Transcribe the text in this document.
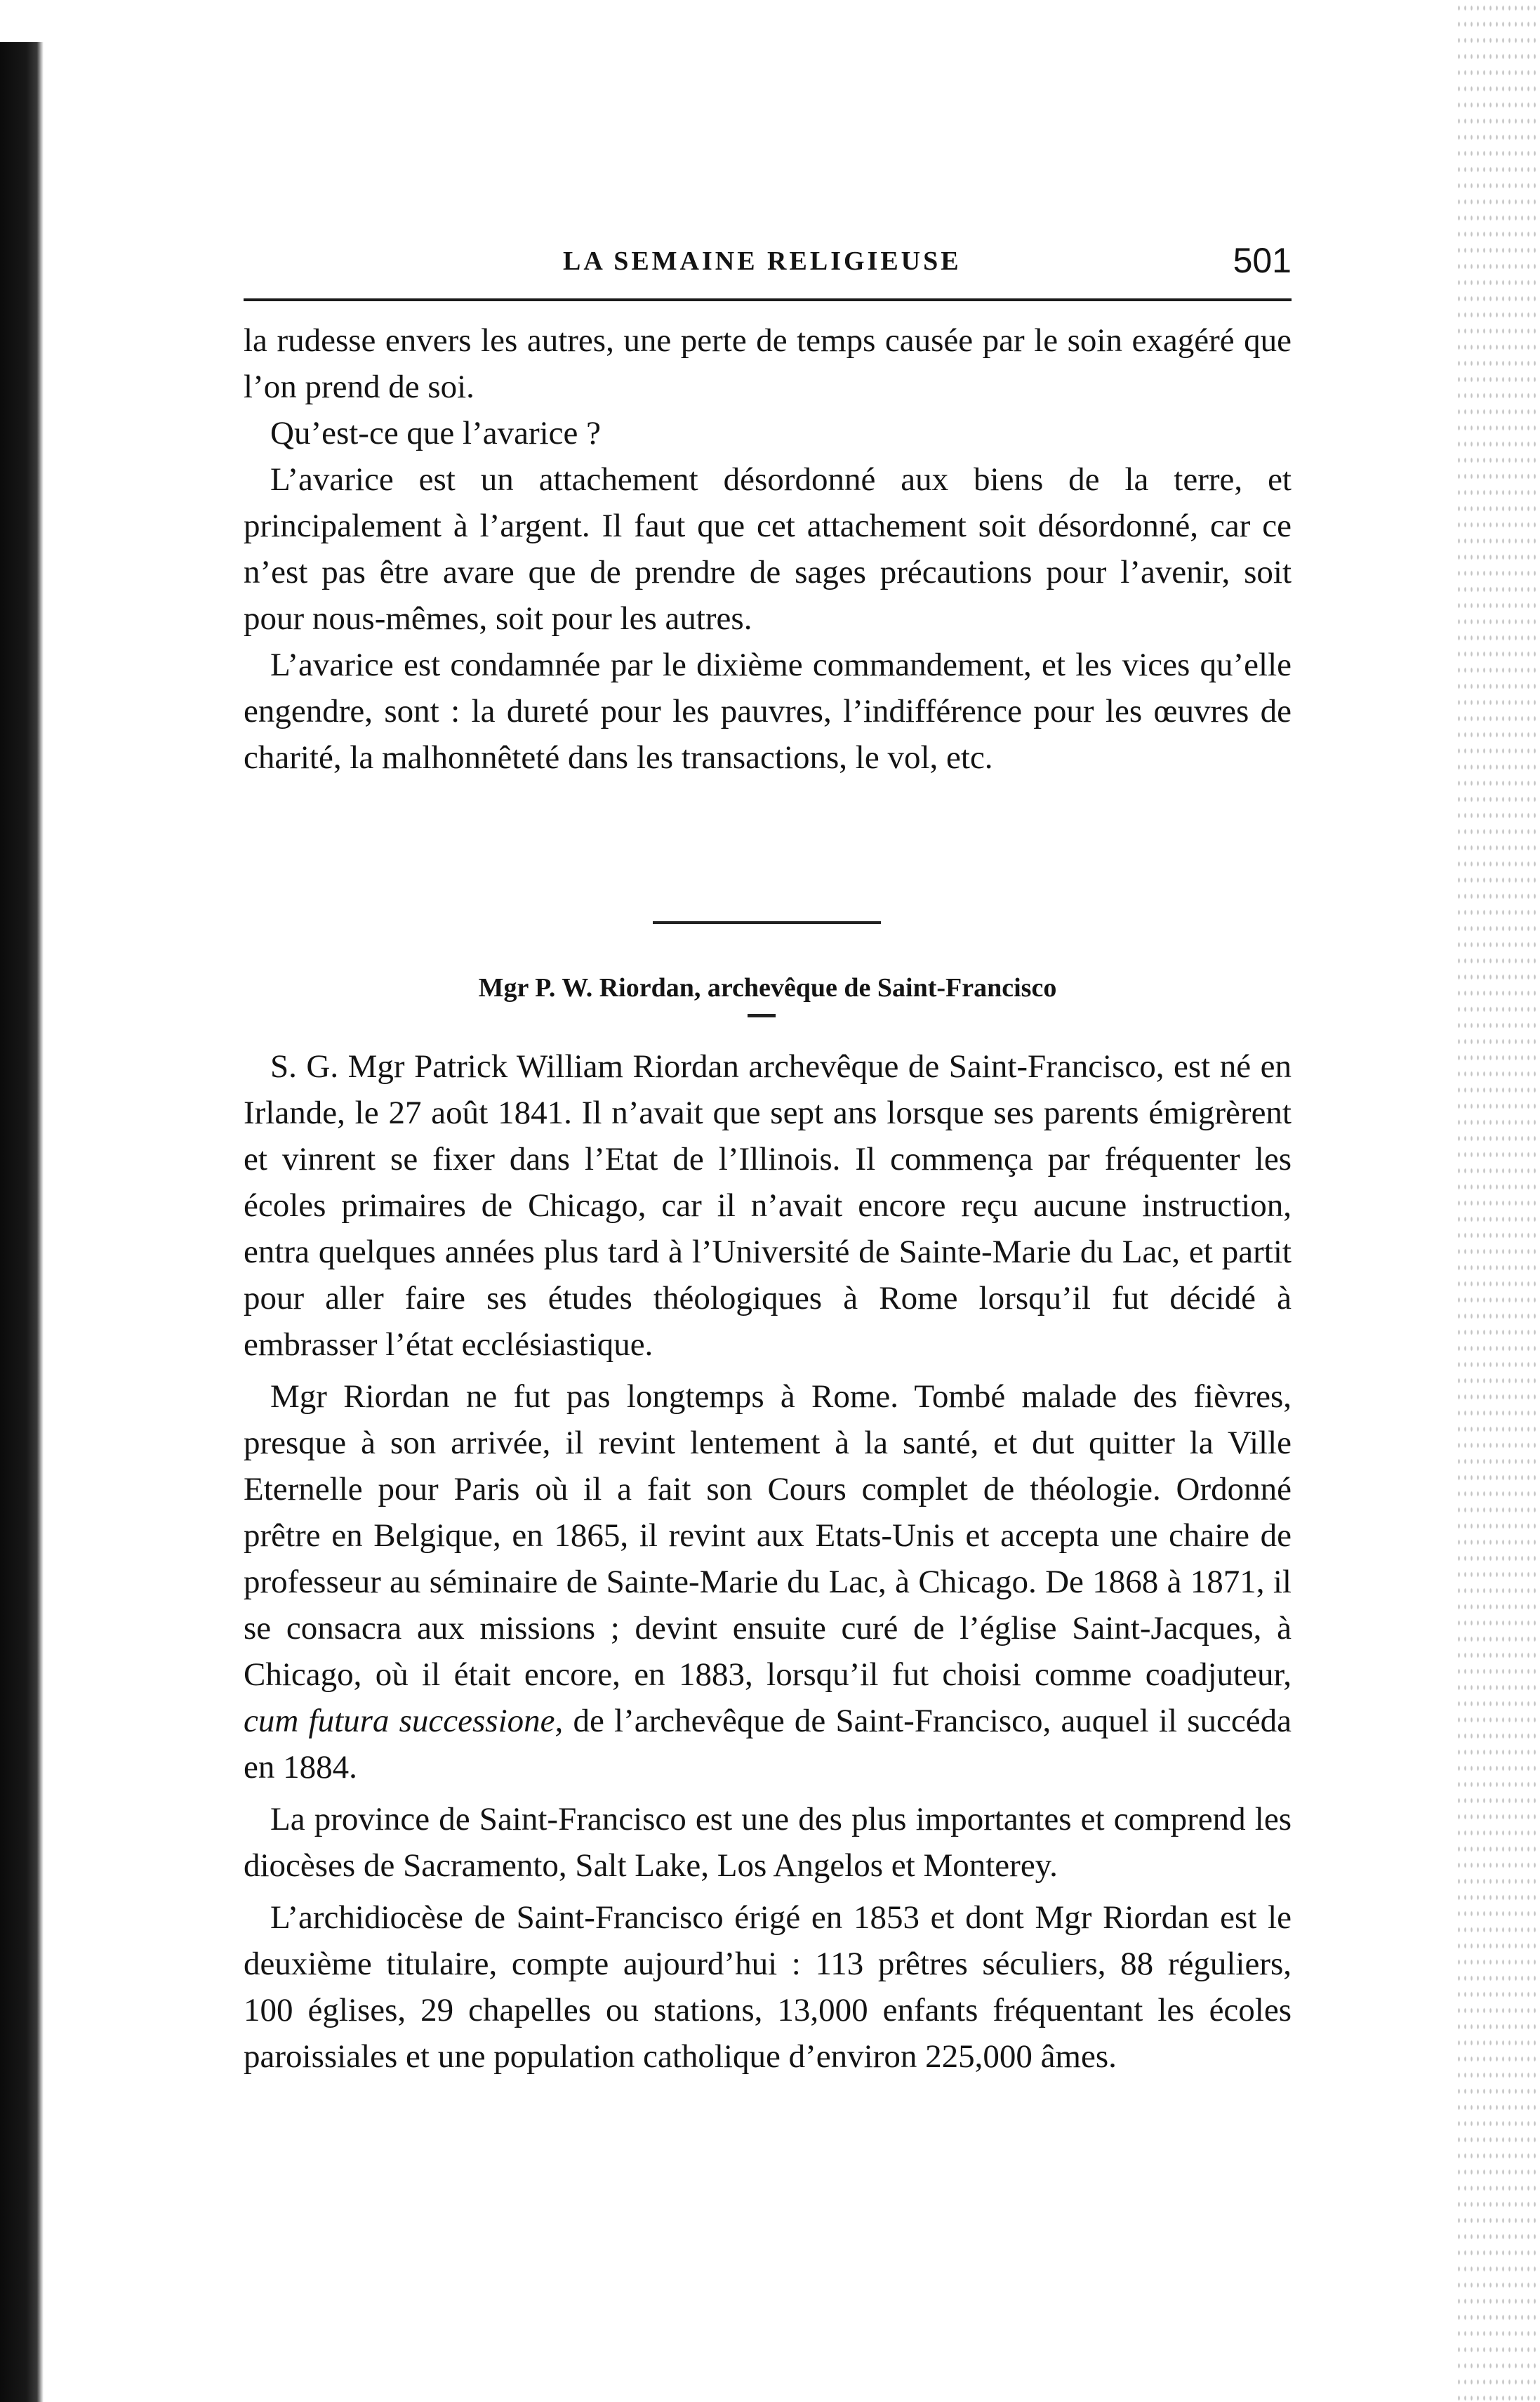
LA SEMAINE RELIGIEUSE	501

la rudesse envers les autres, une perte de temps causée par le soin exagéré que l’on prend de soi.

Qu’est-ce que l’avarice ?

L’avarice est un attachement désordonné aux biens de la terre, et principalement à l’argent. Il faut que cet attachement soit désordonné, car ce n’est pas être avare que de prendre de sages précautions pour l’avenir, soit pour nous-mêmes, soit pour les autres.

L’avarice est condamnée par le dixième commandement, et les vices qu’elle engendre, sont : la dureté pour les pauvres, l’indifférence pour les œuvres de charité, la malhonnêteté dans les transactions, le vol, etc.

Mgr P. W. Riordan, archevêque de Saint-Francisco

S. G. Mgr Patrick William Riordan archevêque de Saint-Francisco, est né en Irlande, le 27 août 1841. Il n’avait que sept ans lorsque ses parents émigrèrent et vinrent se fixer dans l’Etat de l’Illinois. Il commença par fréquenter les écoles primaires de Chicago, car il n’avait encore reçu aucune instruction, entra quelques années plus tard à l’Université de Sainte-Marie du Lac, et partit pour aller faire ses études théologiques à Rome lorsqu’il fut décidé à embrasser l’état ecclésiastique.

Mgr Riordan ne fut pas longtemps à Rome. Tombé malade des fièvres, presque à son arrivée, il revint lentement à la santé, et dut quitter la Ville Eternelle pour Paris où il a fait son Cours complet de théologie. Ordonné prêtre en Belgique, en 1865, il revint aux Etats-Unis et accepta une chaire de professeur au séminaire de Sainte-Marie du Lac, à Chicago. De 1868 à 1871, il se consacra aux missions ; devint ensuite curé de l’église Saint-Jacques, à Chicago, où il était encore, en 1883, lorsqu’il fut choisi comme coadjuteur, cum futura successione, de l’archevêque de Saint-Francisco, auquel il succéda en 1884.

La province de Saint-Francisco est une des plus importantes et comprend les diocèses de Sacramento, Salt Lake, Los Angelos et Monterey.

L’archidiocèse de Saint-Francisco érigé en 1853 et dont Mgr Riordan est le deuxième titulaire, compte aujourd’hui : 113 prêtres séculiers, 88 réguliers, 100 églises, 29 chapelles ou stations, 13,000 enfants fréquentant les écoles paroissiales et une population catholique d’environ 225,000 âmes.
